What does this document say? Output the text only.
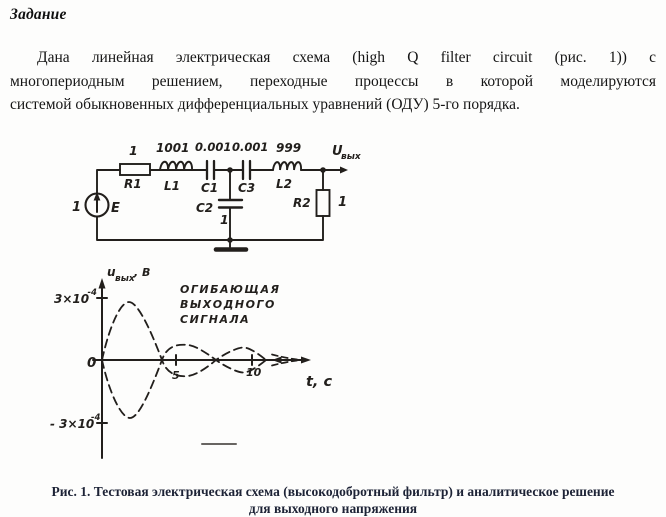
Задание
Дана линейная электрическая схема (high Q filter circuit (рис. 1)) с
многопериодным решением, переходные процессы в которой моделируются
системой обыкновенных дифференциальных уравнений (ОДУ) 5-го порядка.
1 1001 0.001 0.001 999
R1 L1 C1 C3 L2
1 E	C2
1
R2 1
U
вых
u вых , В
3×10
-4
- 3×10
-4
0
5	10
t, c
ОГИБАЮЩАЯ
ВЫХОДНОГО
СИГНАЛА
Рис. 1. Тестовая электрическая схема (высокодобротный фильтр) и аналитическое решение
для выходного напряжения
